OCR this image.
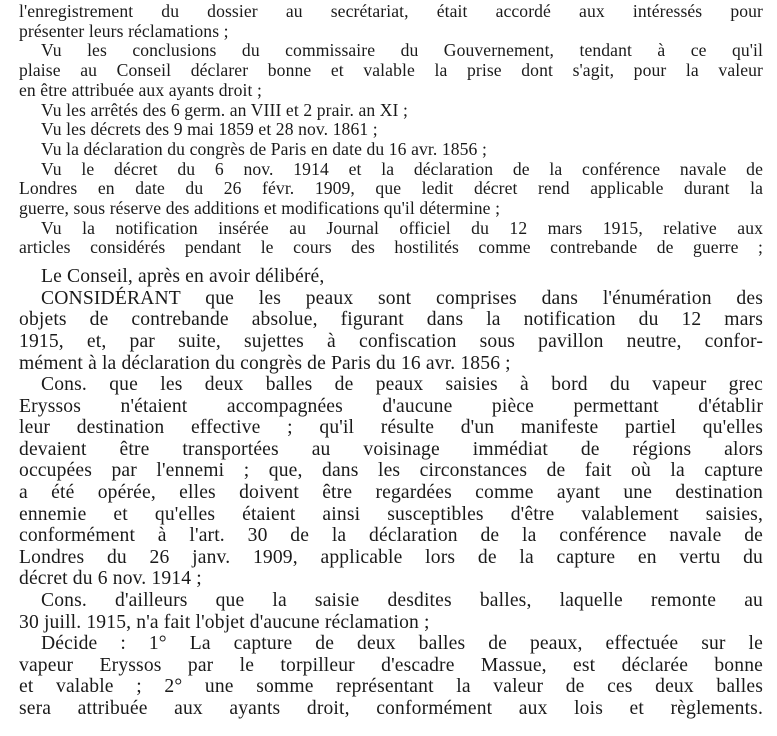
l'enregistrement du dossier au secrétariat, était accordé aux intéressés pour
présenter leurs réclamations ;
Vu les conclusions du commissaire du Gouvernement, tendant à ce qu'il
plaise au Conseil déclarer bonne et valable la prise dont s'agit, pour la valeur
en être attribuée aux ayants droit ;
Vu les arrêtés des 6 germ. an VIII et 2 prair. an XI ;
Vu les décrets des 9 mai 1859 et 28 nov. 1861 ;
Vu la déclaration du congrès de Paris en date du 16 avr. 1856 ;
Vu le décret du 6 nov. 1914 et la déclaration de la conférence navale de
Londres en date du 26 févr. 1909, que ledit décret rend applicable durant la
guerre, sous réserve des additions et modifications qu'il détermine ;
Vu la notification insérée au Journal officiel du 12 mars 1915, relative aux
articles considérés pendant le cours des hostilités comme contrebande de guerre ;
Le Conseil, après en avoir délibéré,
CONSIDÉRANT que les peaux sont comprises dans l'énumération des
objets de contrebande absolue, figurant dans la notification du 12 mars
1915, et, par suite, sujettes à confiscation sous pavillon neutre, confor-
mément à la déclaration du congrès de Paris du 16 avr. 1856 ;
Cons. que les deux balles de peaux saisies à bord du vapeur grec
Eryssos n'étaient accompagnées d'aucune pièce permettant d'établir
leur destination effective ; qu'il résulte d'un manifeste partiel qu'elles
devaient être transportées au voisinage immédiat de régions alors
occupées par l'ennemi ; que, dans les circonstances de fait où la capture
a été opérée, elles doivent être regardées comme ayant une destination
ennemie et qu'elles étaient ainsi susceptibles d'être valablement saisies,
conformément à l'art. 30 de la déclaration de la conférence navale de
Londres du 26 janv. 1909, applicable lors de la capture en vertu du
décret du 6 nov. 1914 ;
Cons. d'ailleurs que la saisie desdites balles, laquelle remonte au
30 juill. 1915, n'a fait l'objet d'aucune réclamation ;
Décide : 1° La capture de deux balles de peaux, effectuée sur le
vapeur Eryssos par le torpilleur d'escadre Massue, est déclarée bonne
et valable ; 2° une somme représentant la valeur de ces deux balles
sera attribuée aux ayants droit, conformément aux lois et règlements.
